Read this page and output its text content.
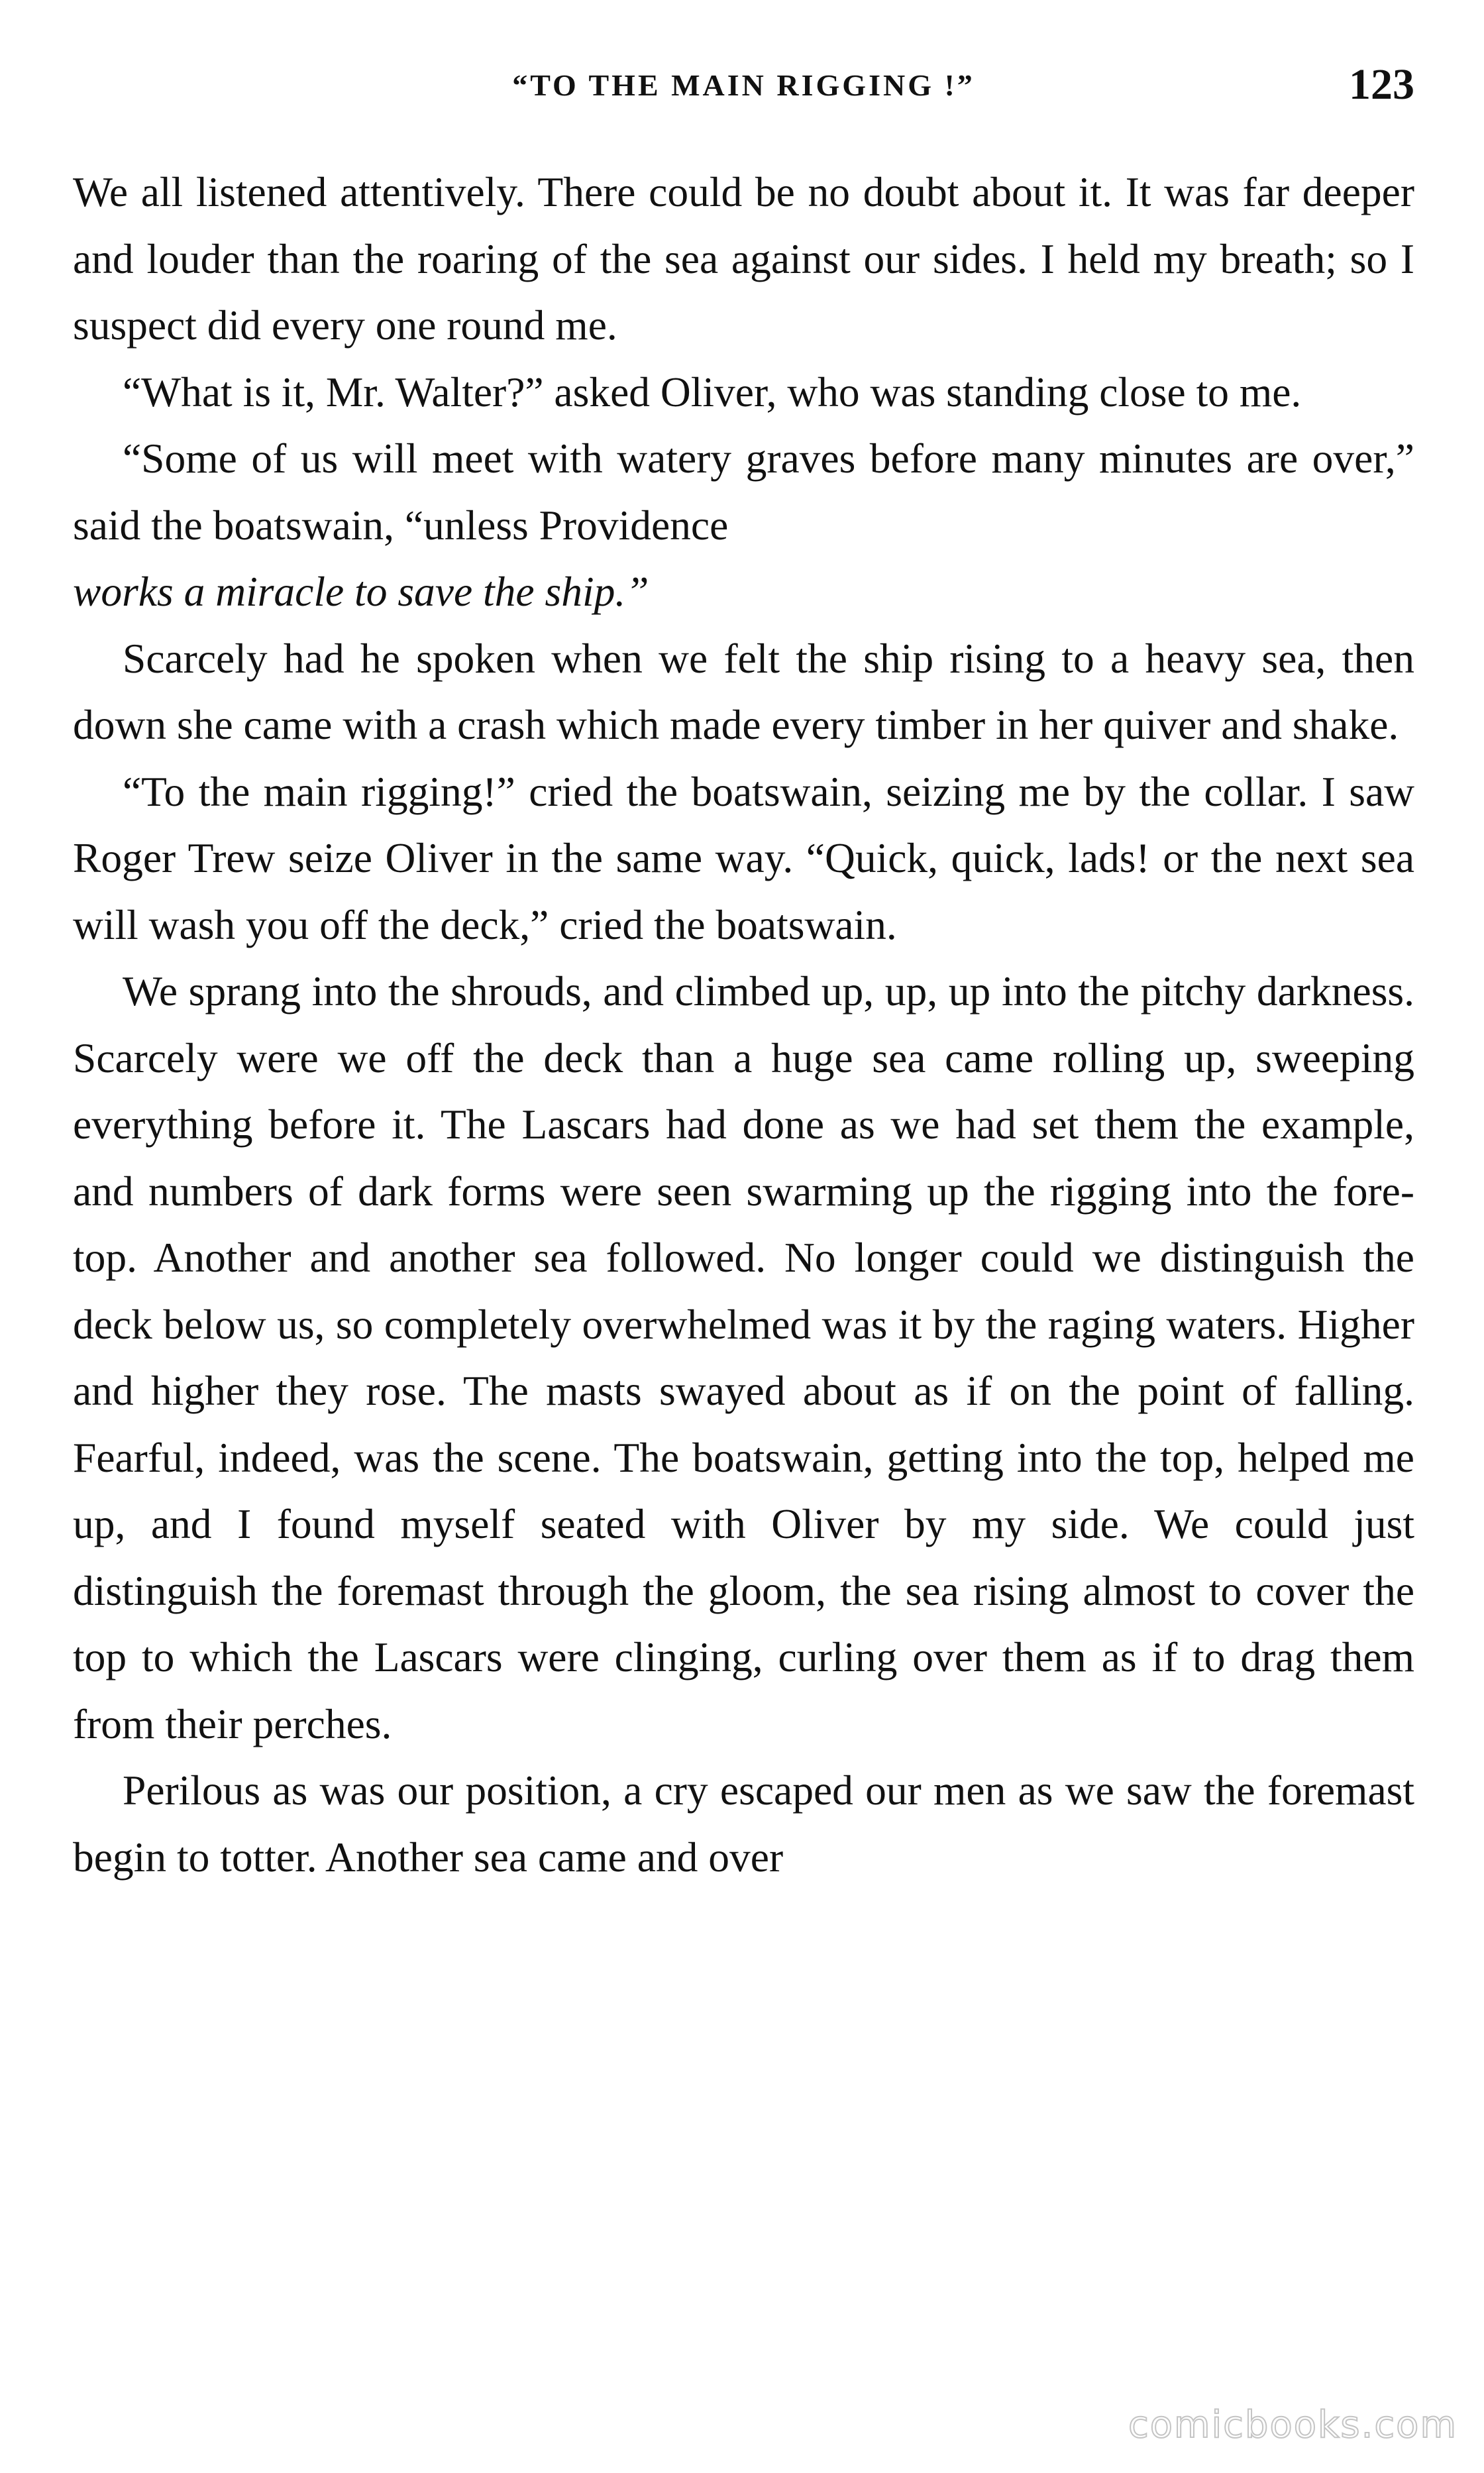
“TO THE MAIN RIGGING !”	123

We all listened attentively. There could be no doubt about it. It was far deeper and louder than the roaring of the sea against our sides. I held my breath; so I suspect did every one round me.

“What is it, Mr. Walter?” asked Oliver, who was standing close to me.

“Some of us will meet with watery graves before many minutes are over,” said the boatswain, “unless Providence

works a miracle to save the ship.”

Scarcely had he spoken when we felt the ship rising to a heavy sea, then down she came with a crash which made every timber in her quiver and shake.

“To the main rigging!” cried the boatswain, seizing me by the collar. I saw Roger Trew seize Oliver in the same way. “Quick, quick, lads! or the next sea will wash you off the deck,” cried the boatswain.

We sprang into the shrouds, and climbed up, up, up into the pitchy darkness. Scarcely were we off the deck than a huge sea came rolling up, sweeping everything before it. The Lascars had done as we had set them the example, and numbers of dark forms were seen swarming up the rigging into the fore-top. Another and another sea followed. No longer could we distinguish the deck below us, so completely overwhelmed was it by the raging waters. Higher and higher they rose. The masts swayed about as if on the point of falling. Fearful, indeed, was the scene. The boatswain, getting into the top, helped me up, and I found myself seated with Oliver by my side. We could just distinguish the foremast through the gloom, the sea rising almost to cover the top to which the Lascars were clinging, curling over them as if to drag them from their perches.

Perilous as was our position, a cry escaped our men as we saw the foremast begin to totter. Another sea came and over

comicbooks.com
